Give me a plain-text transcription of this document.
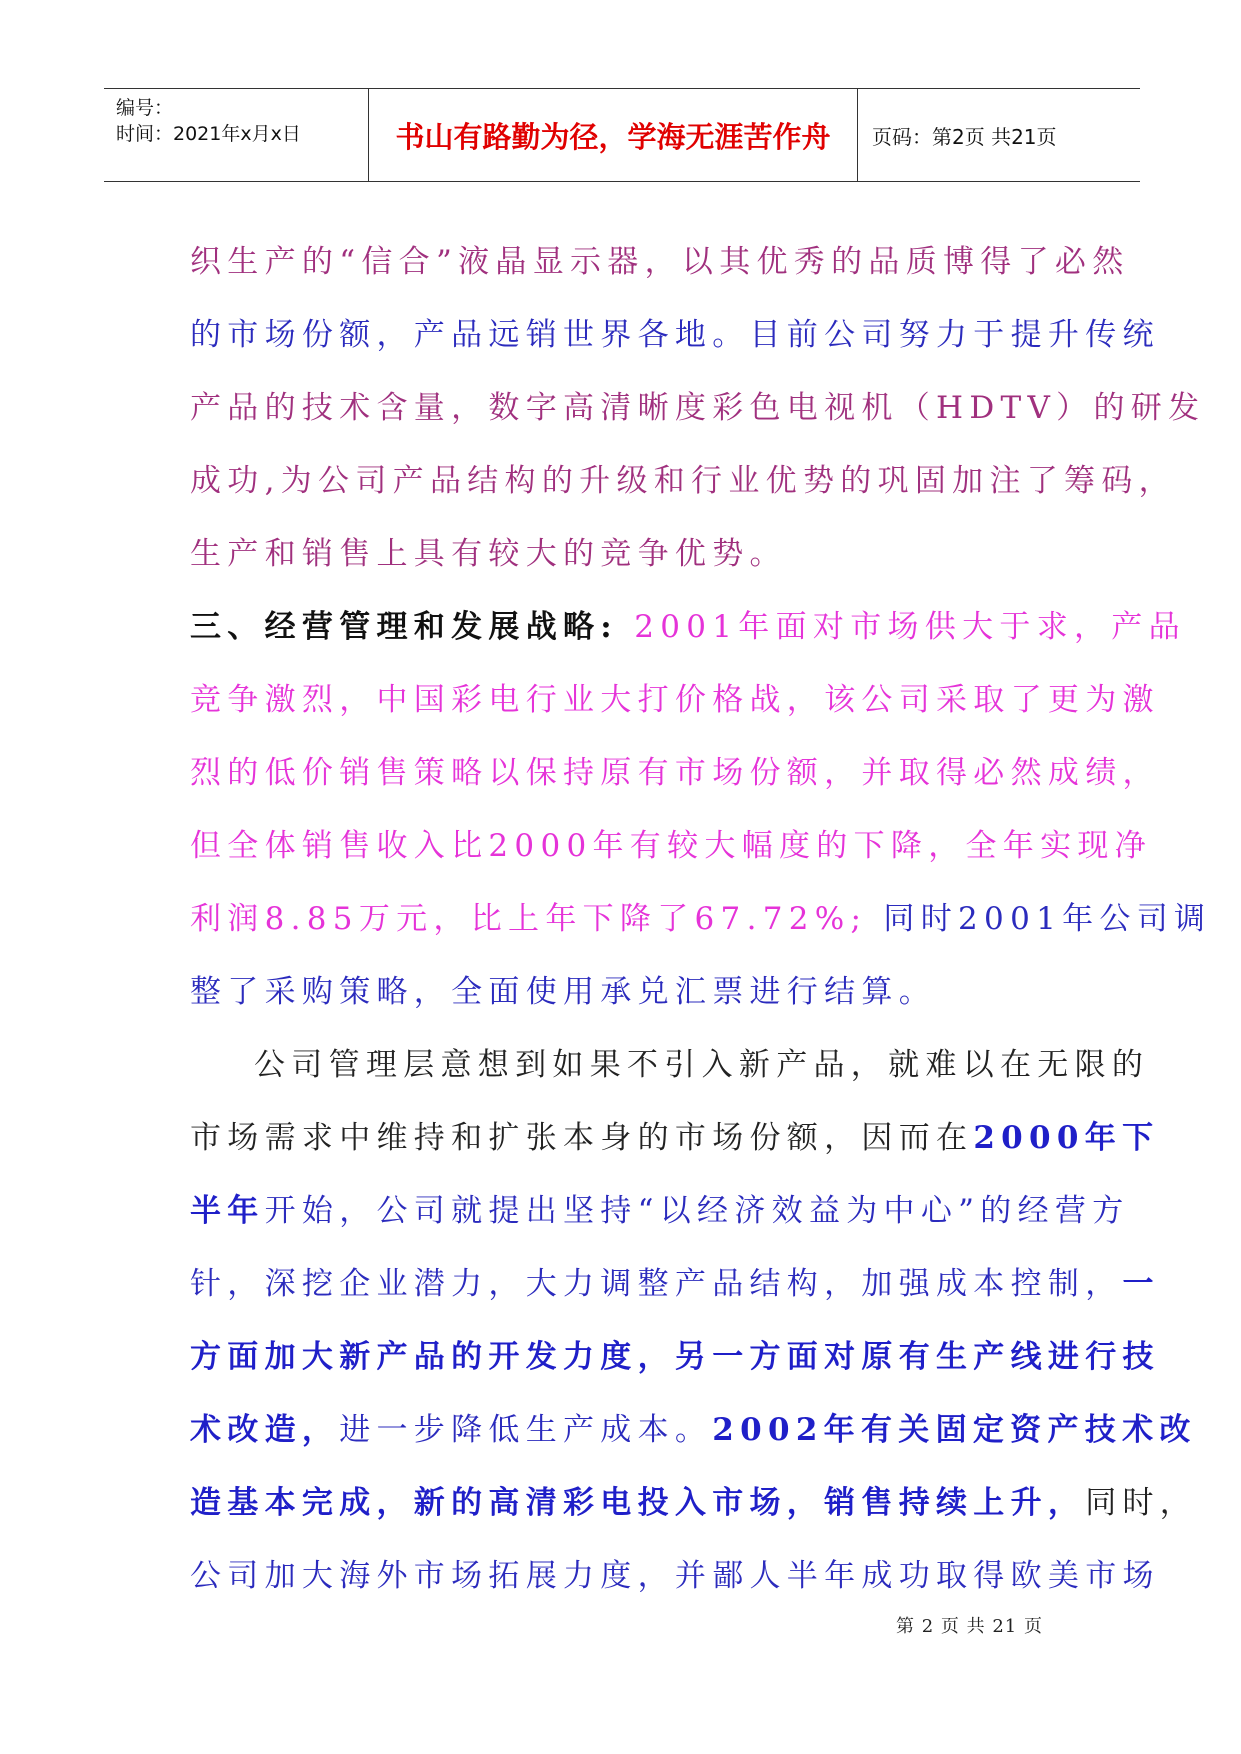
编号：
时间：2021年x月x日	书山有路勤为径，学海无涯苦作舟	页码：第2页 共21页
织生产的“信合”液晶显示器，以其优秀的品质博得了必然
的市场份额，产品远销世界各地。目前公司努力于提升传统
产品的技术含量，数字高清晰度彩色电视机（HDTV）的研发
成功,为公司产品结构的升级和行业优势的巩固加注了筹码，
生产和销售上具有较大的竞争优势。
三、经营管理和发展战略: 2001年面对市场供大于求，产品
竞争激烈，中国彩电行业大打价格战，该公司采取了更为激
烈的低价销售策略以保持原有市场份额，并取得必然成绩，
但全体销售收入比2000年有较大幅度的下降，全年实现净
利润8.85万元，比上年下降了67.72%; 同时2001年公司调
整了采购策略，全面使用承兑汇票进行结算。
公司管理层意想到如果不引入新产品，就难以在无限的
市场需求中维持和扩张本身的市场份额，因而在2000年下
半年开始，公司就提出坚持“以经济效益为中心”的经营方
针，深挖企业潜力，大力调整产品结构，加强成本控制，一
方面加大新产品的开发力度，另一方面对原有生产线进行技
术改造，进一步降低生产成本。2002年有关固定资产技术改
造基本完成，新的高清彩电投入市场，销售持续上升，同时，
公司加大海外市场拓展力度，并鄙人半年成功取得欧美市场
第 2 页 共 21 页
